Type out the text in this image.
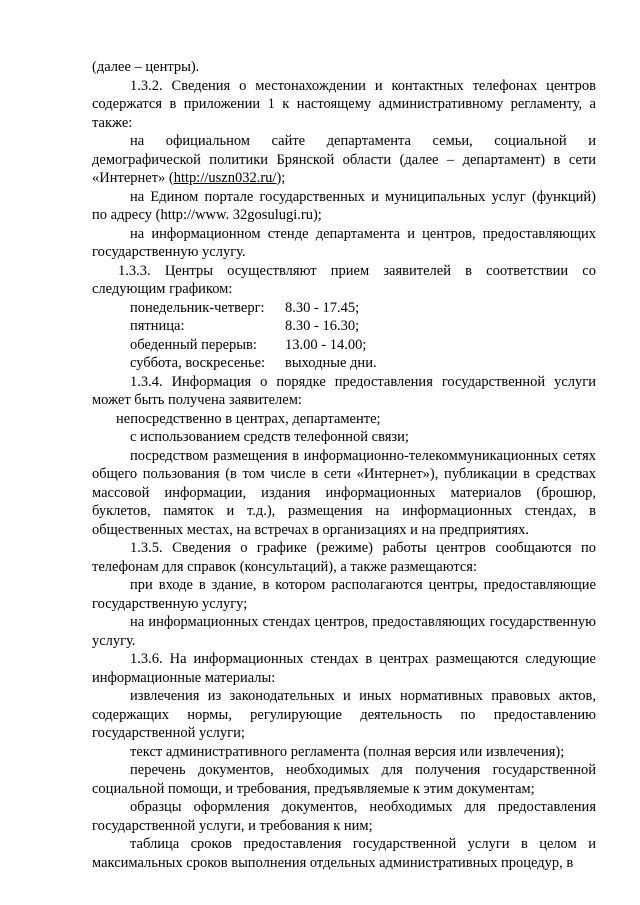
(далее – центры).

1.3.2. Сведения о местонахождении и контактных телефонах центров содержатся в приложении 1 к настоящему административному регламенту, а также:

на официальном сайте департамента семьи, социальной и демографической политики Брянской области (далее – департамент) в сети «Интернет» (http://uszn032.ru/);

на Едином портале государственных и муниципальных услуг (функций) по адресу (http://www. 32gosulugi.ru);

на информационном стенде департамента и центров, предоставляющих государственную услугу.

1.3.3. Центры осуществляют прием заявителей в соответствии со следующим графиком:

понедельник-четверг:	8.30 - 17.45;
пятница:	8.30 - 16.30;
обеденный перерыв:	13.00 - 14.00;
суббота, воскресенье:	выходные дни.

1.3.4. Информация о порядке предоставления государственной услуги может быть получена заявителем:

непосредственно в центрах, департаменте;

с использованием средств телефонной связи;

посредством размещения в информационно-телекоммуникационных сетях общего пользования (в том числе в сети «Интернет»), публикации в средствах массовой информации, издания информационных материалов (брошюр, буклетов, памяток и т.д.), размещения на информационных стендах, в общественных местах, на встречах в организациях и на предприятиях.

1.3.5. Сведения о графике (режиме) работы центров сообщаются по телефонам для справок (консультаций), а также размещаются:

при входе в здание, в котором располагаются центры, предоставляющие государственную услугу;

на информационных стендах центров, предоставляющих государственную услугу.

1.3.6. На информационных стендах в центрах размещаются следующие информационные материалы:

извлечения из законодательных и иных нормативных правовых актов, содержащих нормы, регулирующие деятельность по предоставлению государственной услуги;

текст административного регламента (полная версия или извлечения);

перечень документов, необходимых для получения государственной социальной помощи, и требования, предъявляемые к этим документам;

образцы оформления документов, необходимых для предоставления государственной услуги, и требования к ним;

таблица сроков предоставления государственной услуги в целом и максимальных сроков выполнения отдельных административных процедур, в
